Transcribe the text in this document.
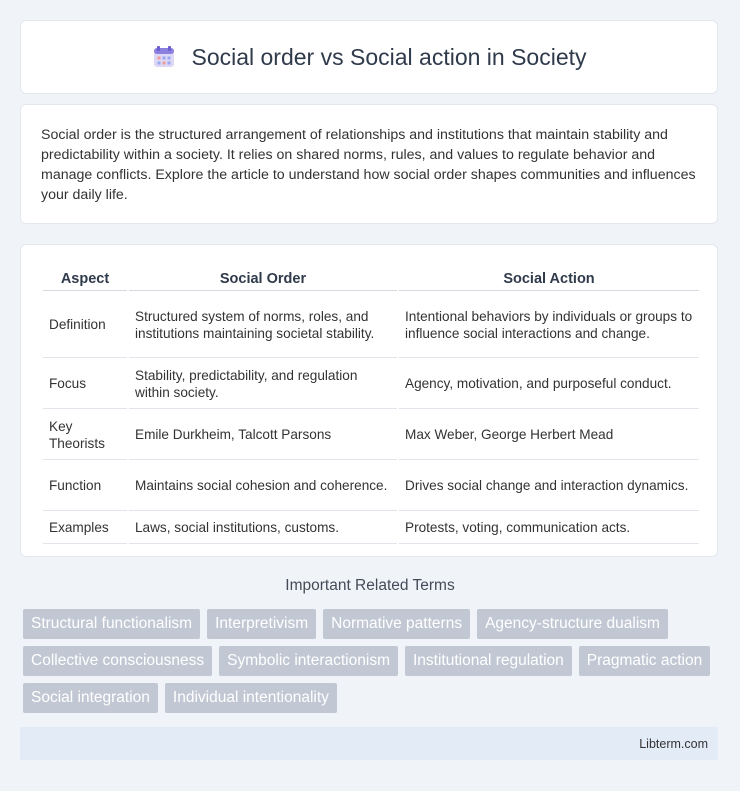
Social order vs Social action in Society

Social order is the structured arrangement of relationships and institutions that maintain stability and predictability within a society. It relies on shared norms, rules, and values to regulate behavior and manage conflicts. Explore the article to understand how social order shapes communities and influences your daily life.

Aspect	Social Order	Social Action
Definition	Structured system of norms, roles, and institutions maintaining societal stability.	Intentional behaviors by individuals or groups to influence social interactions and change.
Focus	Stability, predictability, and regulation within society.	Agency, motivation, and purposeful conduct.
Key Theorists	Emile Durkheim, Talcott Parsons	Max Weber, George Herbert Mead
Function	Maintains social cohesion and coherence.	Drives social change and interaction dynamics.
Examples	Laws, social institutions, customs.	Protests, voting, communication acts.
Important Related Terms
Structural functionalism	Interpretivism	Normative patterns	Agency-structure dualism
Collective consciousness	Symbolic interactionism	Institutional regulation	Pragmatic action
Social integration	Individual intentionality
Libterm.com
